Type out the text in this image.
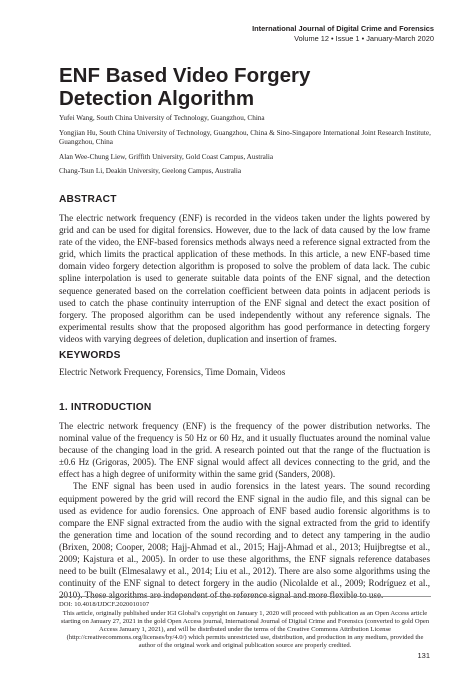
International Journal of Digital Crime and Forensics
Volume 12 • Issue 1 • January-March 2020
ENF Based Video Forgery
Detection Algorithm
Yufei Wang, South China University of Technology, Guangzhou, China
Yongjian Hu, South China University of Technology, Guangzhou, China & Sino-Singapore International Joint Research Institute, Guangzhou, China
Alan Wee-Chung Liew, Griffith University, Gold Coast Campus, Australia
Chang-Tsun Li, Deakin University, Geelong Campus, Australia
ABSTRACT
The electric network frequency (ENF) is recorded in the videos taken under the lights powered by grid and can be used for digital forensics. However, due to the lack of data caused by the low frame rate of the video, the ENF-based forensics methods always need a reference signal extracted from the grid, which limits the practical application of these methods. In this article, a new ENF-based time domain video forgery detection algorithm is proposed to solve the problem of data lack. The cubic spline interpolation is used to generate suitable data points of the ENF signal, and the detection sequence generated based on the correlation coefficient between data points in adjacent periods is used to catch the phase continuity interruption of the ENF signal and detect the exact position of forgery. The proposed algorithm can be used independently without any reference signals. The experimental results show that the proposed algorithm has good performance in detecting forgery videos with varying degrees of deletion, duplication and insertion of frames.
KEYWORDS
Electric Network Frequency, Forensics, Time Domain, Videos
1. INTRODUCTION

The electric network frequency (ENF) is the frequency of the power distribution networks. The nominal value of the frequency is 50 Hz or 60 Hz, and it usually fluctuates around the nominal value because of the changing load in the grid. A research pointed out that the range of the fluctuation is ±0.6 Hz (Grigoras, 2005). The ENF signal would affect all devices connecting to the grid, and the effect has a high degree of uniformity within the same grid (Sanders, 2008).

The ENF signal has been used in audio forensics in the latest years. The sound recording equipment powered by the grid will record the ENF signal in the audio file, and this signal can be used as evidence for audio forensics. One approach of ENF based audio forensic algorithms is to compare the ENF signal extracted from the audio with the signal extracted from the grid to identify the generation time and location of the sound recording and to detect any tampering in the audio (Brixen, 2008; Cooper, 2008; Hajj-Ahmad et al., 2015; Hajj-Ahmad et al., 2013; Huijbregtse et al., 2009; Kajstura et al., 2005). In order to use these algorithms, the ENF signals reference databases need to be built (Elmesalawy et al., 2014; Liu et al., 2012). There are also some algorithms using the continuity of the ENF signal to detect forgery in the audio (Nicolalde et al., 2009; Rodríguez et al., 2010). These algorithms are independent of the reference signal and more flexible to use.

DOI: 10.4018/IJDCF.2020010107
This article, originally published under IGI Global’s copyright on January 1, 2020 will proceed with publication as an Open Access article starting on January 27, 2021 in the gold Open Access journal, International Journal of Digital Crime and Forensics (converted to gold Open Access January 1, 2021), and will be distributed under the terms of the Creative Commons Attribution License (http://creativecommons.org/licenses/by/4.0/) which permits unrestricted use, distribution, and production in any medium, provided the author of the original work and original publication source are properly credited.
131
